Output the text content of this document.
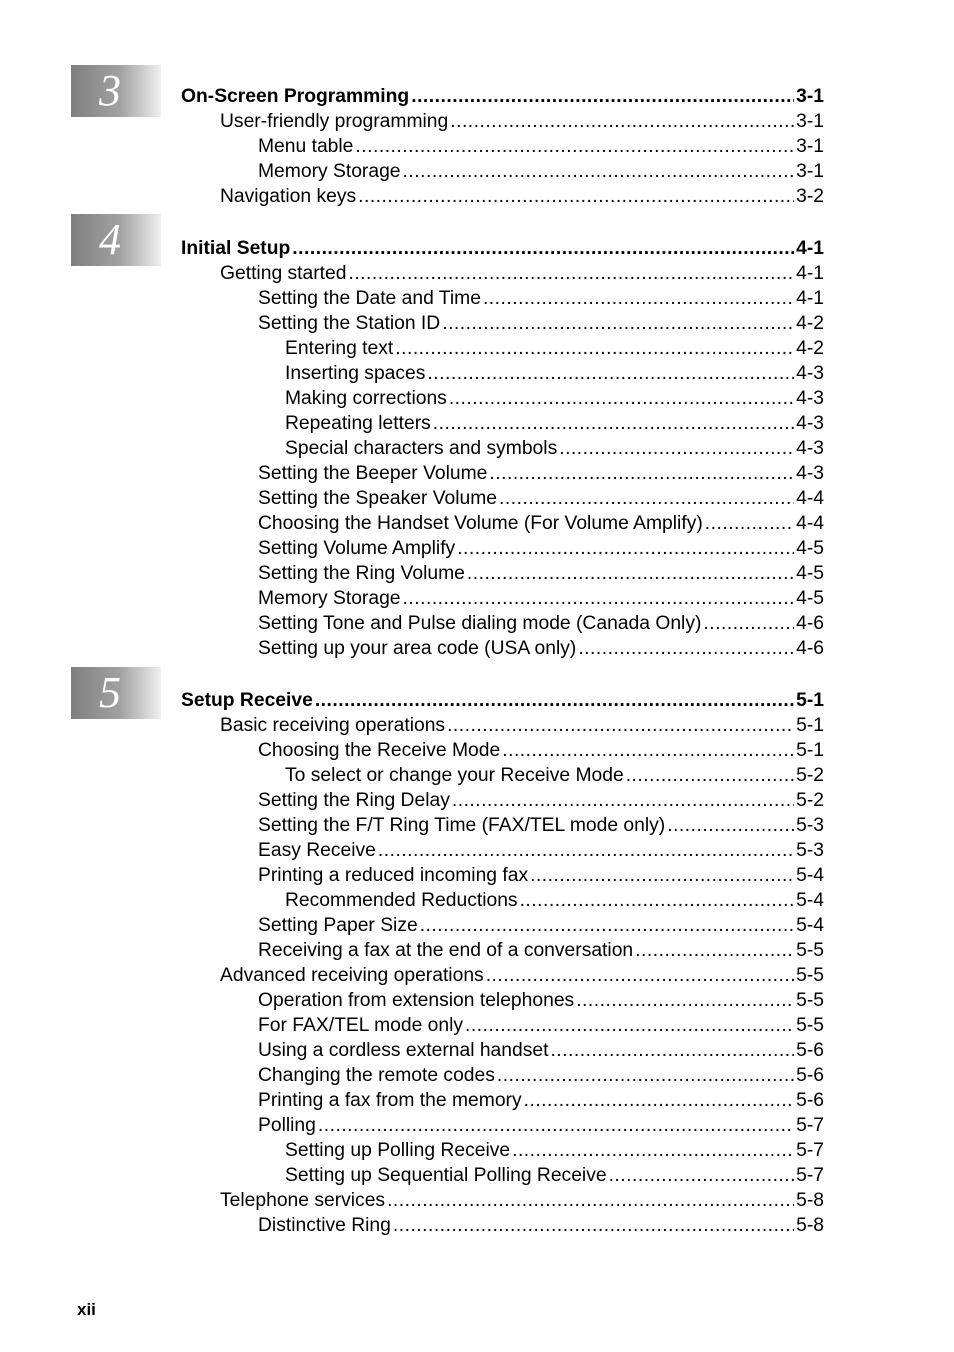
3
4
5
On-Screen Programming .....	3-1
User-friendly programming .....	3-1
Menu table .....	3-1
Memory Storage .....	3-1
Navigation keys .....	3-2
Initial Setup .....	4-1
Getting started .....	4-1
Setting the Date and Time .....	4-1
Setting the Station ID .....	4-2
Entering text .....	4-2
Inserting spaces .....	4-3
Making corrections .....	4-3
Repeating letters .....	4-3
Special characters and symbols .....	4-3
Setting the Beeper Volume .....	4-3
Setting the Speaker Volume .....	4-4
Choosing the Handset Volume (For Volume Amplify) .....	4-4
Setting Volume Amplify .....	4-5
Setting the Ring Volume .....	4-5
Memory Storage .....	4-5
Setting Tone and Pulse dialing mode (Canada Only) .....	4-6
Setting up your area code (USA only) .....	4-6
Setup Receive .....	5-1
Basic receiving operations .....	5-1
Choosing the Receive Mode .....	5-1
To select or change your Receive Mode .....	5-2
Setting the Ring Delay .....	5-2
Setting the F/T Ring Time (FAX/TEL mode only) .....	5-3
Easy Receive .....	5-3
Printing a reduced incoming fax .....	5-4
Recommended Reductions .....	5-4
Setting Paper Size .....	5-4
Receiving a fax at the end of a conversation .....	5-5
Advanced receiving operations .....	5-5
Operation from extension telephones .....	5-5
For FAX/TEL mode only .....	5-5
Using a cordless external handset .....	5-6
Changing the remote codes .....	5-6
Printing a fax from the memory .....	5-6
Polling .....	5-7
Setting up Polling Receive .....	5-7
Setting up Sequential Polling Receive .....	5-7
Telephone services .....	5-8
Distinctive Ring .....	5-8
xii
